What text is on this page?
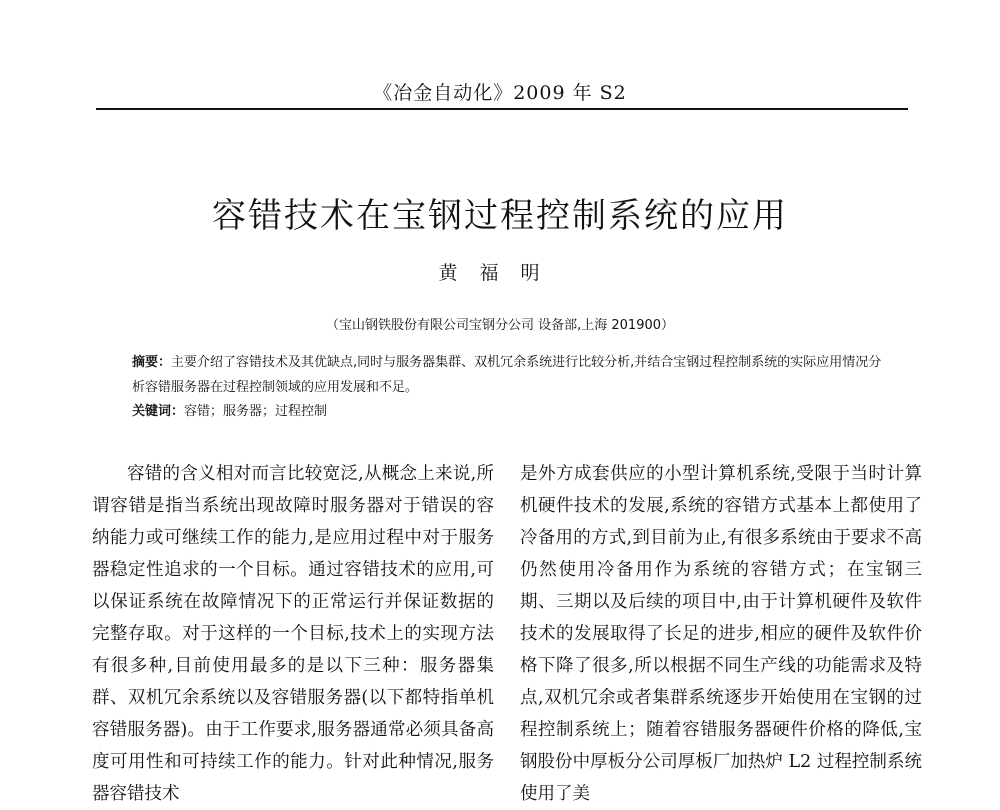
《冶金自动化》2009 年 S2
容错技术在宝钢过程控制系统的应用
黄福明
（宝山钢铁股份有限公司宝钢分公司 设备部,上海 201900）
摘要：主要介绍了容错技术及其优缺点,同时与服务器集群、双机冗余系统进行比较分析,并结合宝钢过程控制系统的实际应用情况分析容错服务器在过程控制领域的应用发展和不足。
关键词：容错；服务器；过程控制
容错的含义相对而言比较宽泛,从概念上来说,所谓容错是指当系统出现故障时服务器对于错误的容纳能力或可继续工作的能力,是应用过程中对于服务器稳定性追求的一个目标。通过容错技术的应用,可以保证系统在故障情况下的正常运行并保证数据的完整存取。对于这样的一个目标,技术上的实现方法有很多种,目前使用最多的是以下三种：服务器集群、双机冗余系统以及容错服务器(以下都特指单机容错服务器)。由于工作要求,服务器通常必须具备高度可用性和可持续工作的能力。针对此种情况,服务器容错技术
是外方成套供应的小型计算机系统,受限于当时计算机硬件技术的发展,系统的容错方式基本上都使用了冷备用的方式,到目前为止,有很多系统由于要求不高仍然使用冷备用作为系统的容错方式；在宝钢三期、三期以及后续的项目中,由于计算机硬件及软件技术的发展取得了长足的进步,相应的硬件及软件价格下降了很多,所以根据不同生产线的功能需求及特点,双机冗余或者集群系统逐步开始使用在宝钢的过程控制系统上；随着容错服务器硬件价格的降低,宝钢股份中厚板分公司厚板厂加热炉 L2 过程控制系统使用了美
